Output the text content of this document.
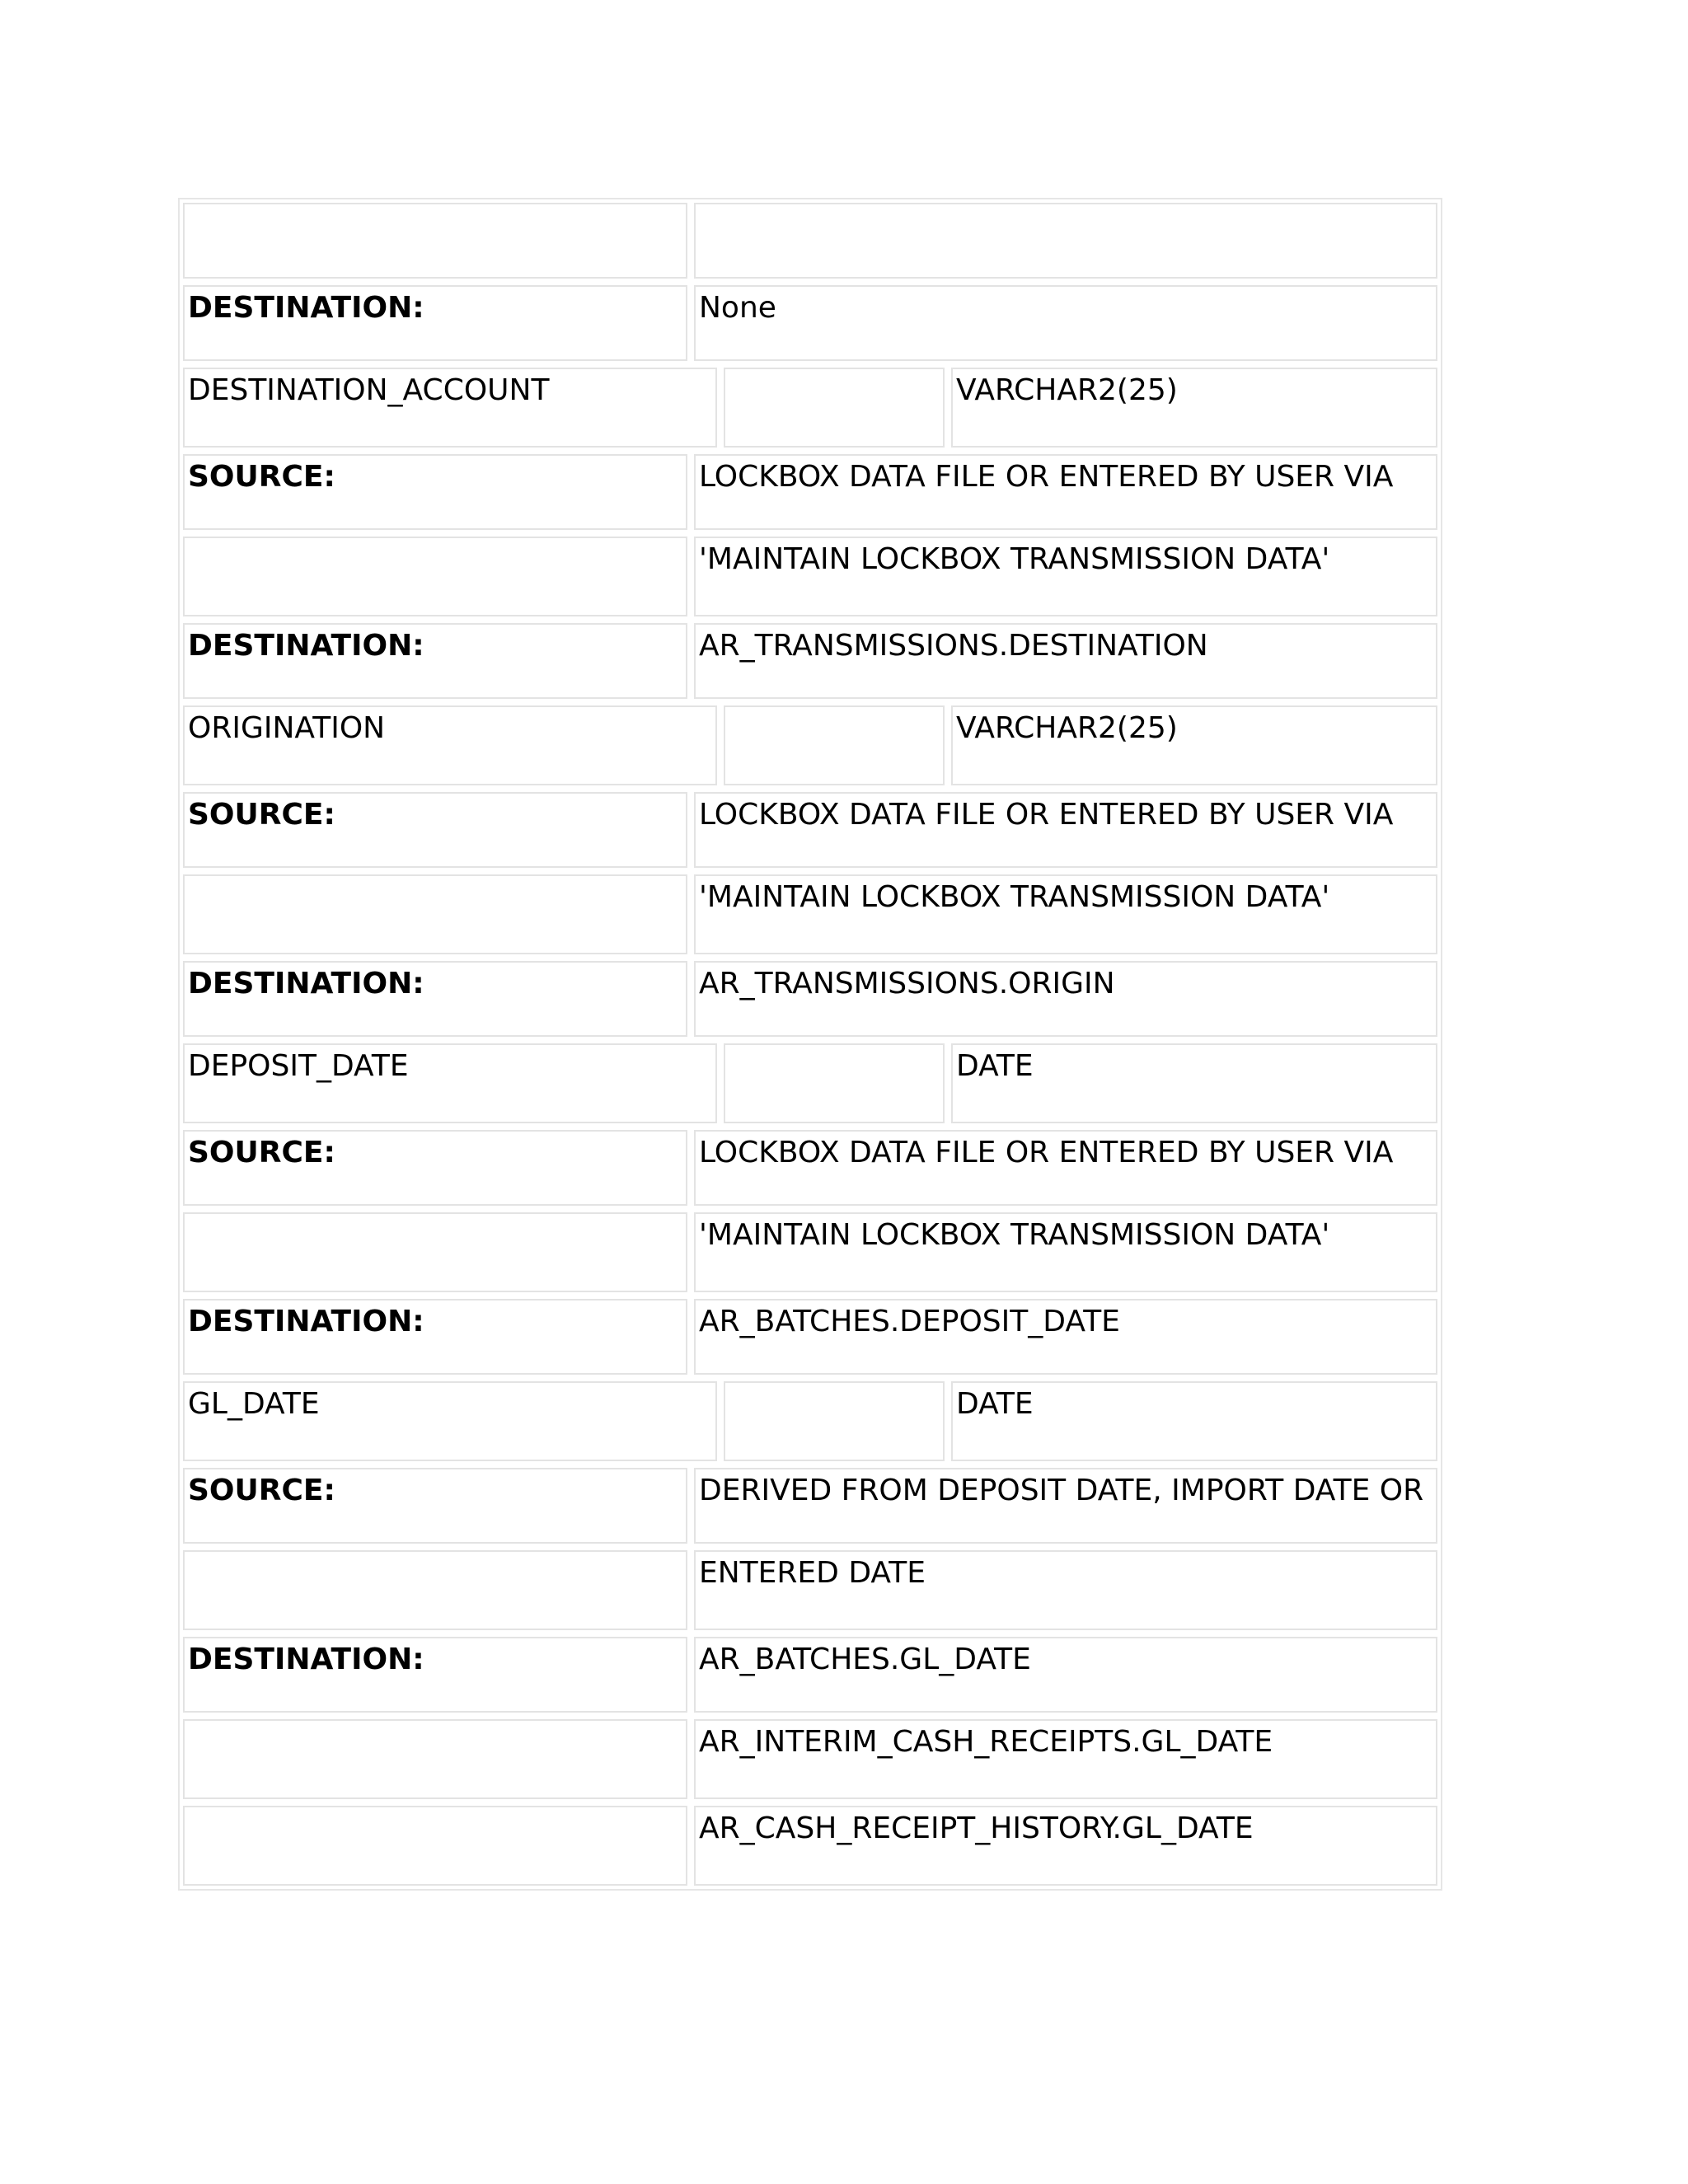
DESTINATION:	None
DESTINATION_ACCOUNT	VARCHAR2(25)
SOURCE:	LOCKBOX DATA FILE OR ENTERED BY USER VIA
'MAINTAIN LOCKBOX TRANSMISSION DATA'
DESTINATION:	AR_TRANSMISSIONS.DESTINATION
ORIGINATION	VARCHAR2(25)
SOURCE:	LOCKBOX DATA FILE OR ENTERED BY USER VIA
'MAINTAIN LOCKBOX TRANSMISSION DATA'
DESTINATION:	AR_TRANSMISSIONS.ORIGIN
DEPOSIT_DATE	DATE
SOURCE:	LOCKBOX DATA FILE OR ENTERED BY USER VIA
'MAINTAIN LOCKBOX TRANSMISSION DATA'
DESTINATION:	AR_BATCHES.DEPOSIT_DATE
GL_DATE	DATE
SOURCE:	DERIVED FROM DEPOSIT DATE, IMPORT DATE OR
ENTERED DATE
DESTINATION:	AR_BATCHES.GL_DATE
AR_INTERIM_CASH_RECEIPTS.GL_DATE
AR_CASH_RECEIPT_HISTORY.GL_DATE
